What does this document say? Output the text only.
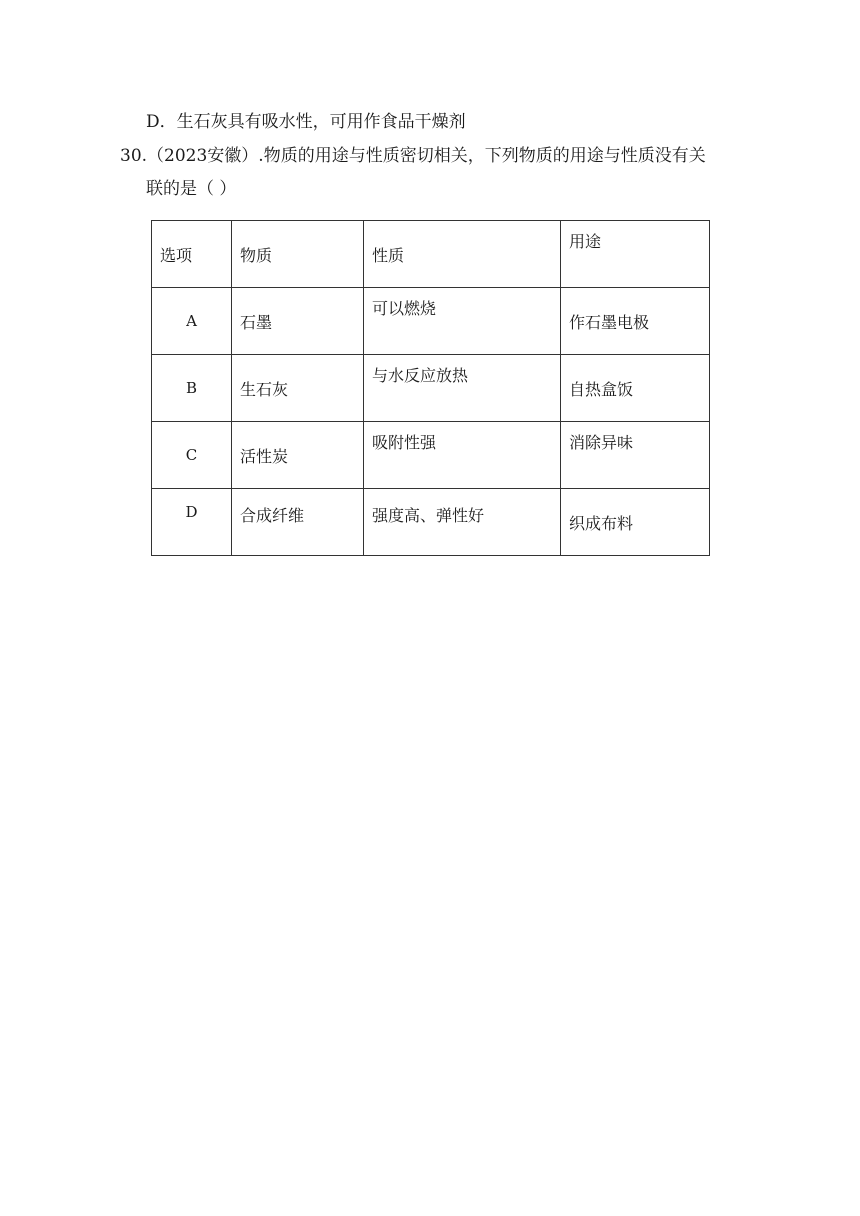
D．生石灰具有吸水性，可用作食品干燥剂
30.（2023安徽）.物质的用途与性质密切相关，下列物质的用途与性质没有关
联的是（ ）
选项	物质	性质	用途
A	石墨	可以燃烧	作石墨电极
B	生石灰	与水反应放热	自热盒饭
C	活性炭	吸附性强	消除异味
D	合成纤维	强度高、弹性好	织成布料
